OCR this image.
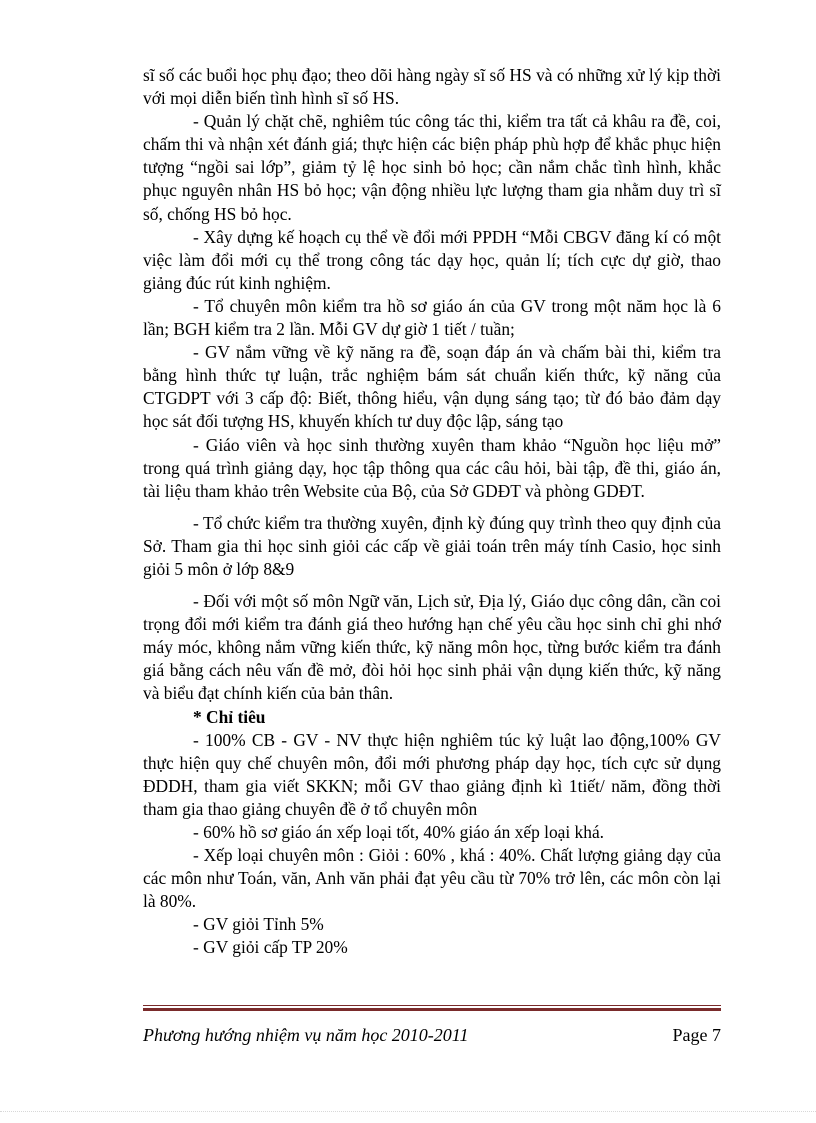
sĩ số các buổi học phụ đạo; theo dõi hàng ngày sĩ số HS và có những xử lý kịp thời với mọi diễn biến tình hình sĩ số HS.

- Quản lý chặt chẽ, nghiêm túc công tác thi, kiểm tra tất cả khâu ra đề, coi, chấm thi và nhận xét đánh giá; thực hiện các biện pháp phù hợp để khắc phục hiện tượng “ngồi sai lớp”, giảm tỷ lệ học sinh bỏ học; cần nắm chắc tình hình, khắc phục nguyên nhân HS bỏ học; vận động nhiều lực lượng tham gia nhằm duy trì sĩ số, chống HS bỏ học.

- Xây dựng kế hoạch cụ thể về đổi mới PPDH “Mỗi CBGV đăng kí có một việc làm đổi mới cụ thể trong công tác dạy học, quản lí; tích cực dự giờ, thao giảng đúc rút kinh nghiệm.

- Tổ chuyên môn kiểm tra hồ sơ giáo án của GV trong một năm học là 6 lần; BGH kiểm tra 2 lần. Mỗi GV dự giờ 1 tiết / tuần;

- GV nắm vững về kỹ năng ra đề, soạn đáp án và chấm bài thi, kiểm tra bằng hình thức tự luận, trắc nghiệm bám sát chuẩn kiến thức, kỹ năng của CTGDPT với 3 cấp độ: Biết, thông hiểu, vận dụng sáng tạo; từ đó bảo đảm dạy học sát đối tượng HS, khuyến khích tư duy độc lập, sáng tạo

- Giáo viên và học sinh thường xuyên tham khảo “Nguồn học liệu mở” trong quá trình giảng dạy, học tập thông qua các câu hỏi, bài tập, đề thi, giáo án, tài liệu tham khảo trên Website của Bộ, của Sở GDĐT và phòng GDĐT.

- Tổ chức kiểm tra thường xuyên, định kỳ đúng quy trình theo quy định của Sở. Tham gia thi học sinh giỏi các cấp về giải toán trên máy tính Casio, học sinh giỏi 5 môn ở lớp 8&9

- Đối với một số môn Ngữ văn, Lịch sử, Địa lý, Giáo dục công dân, cần coi trọng đổi mới kiểm tra đánh giá theo hướng hạn chế yêu cầu học sinh chỉ ghi nhớ máy móc, không nắm vững kiến thức, kỹ năng môn học, từng bước kiểm tra đánh giá bằng cách nêu vấn đề mở, đòi hỏi học sinh phải vận dụng kiến thức, kỹ năng và biểu đạt chính kiến của bản thân.

* Chỉ tiêu

- 100% CB - GV - NV thực hiện nghiêm túc kỷ luật lao động,100% GV thực hiện quy chế chuyên môn, đổi mới phương pháp dạy học, tích cực sử dụng ĐDDH, tham gia viết SKKN; mỗi GV thao giảng định kì 1tiết/ năm, đồng thời tham gia thao giảng chuyên đề ở tổ chuyên môn

- 60% hồ sơ giáo án xếp loại tốt, 40% giáo án xếp loại khá.

- Xếp loại chuyên môn : Giỏi : 60% , khá : 40%. Chất lượng giảng dạy của các môn như Toán, văn, Anh văn phải đạt yêu cầu từ 70% trở lên, các môn còn lại là 80%.

- GV giỏi Tỉnh 5%

- GV giỏi cấp TP 20%

Phương hướng nhiệm vụ năm học 2010-2011	Page 7
